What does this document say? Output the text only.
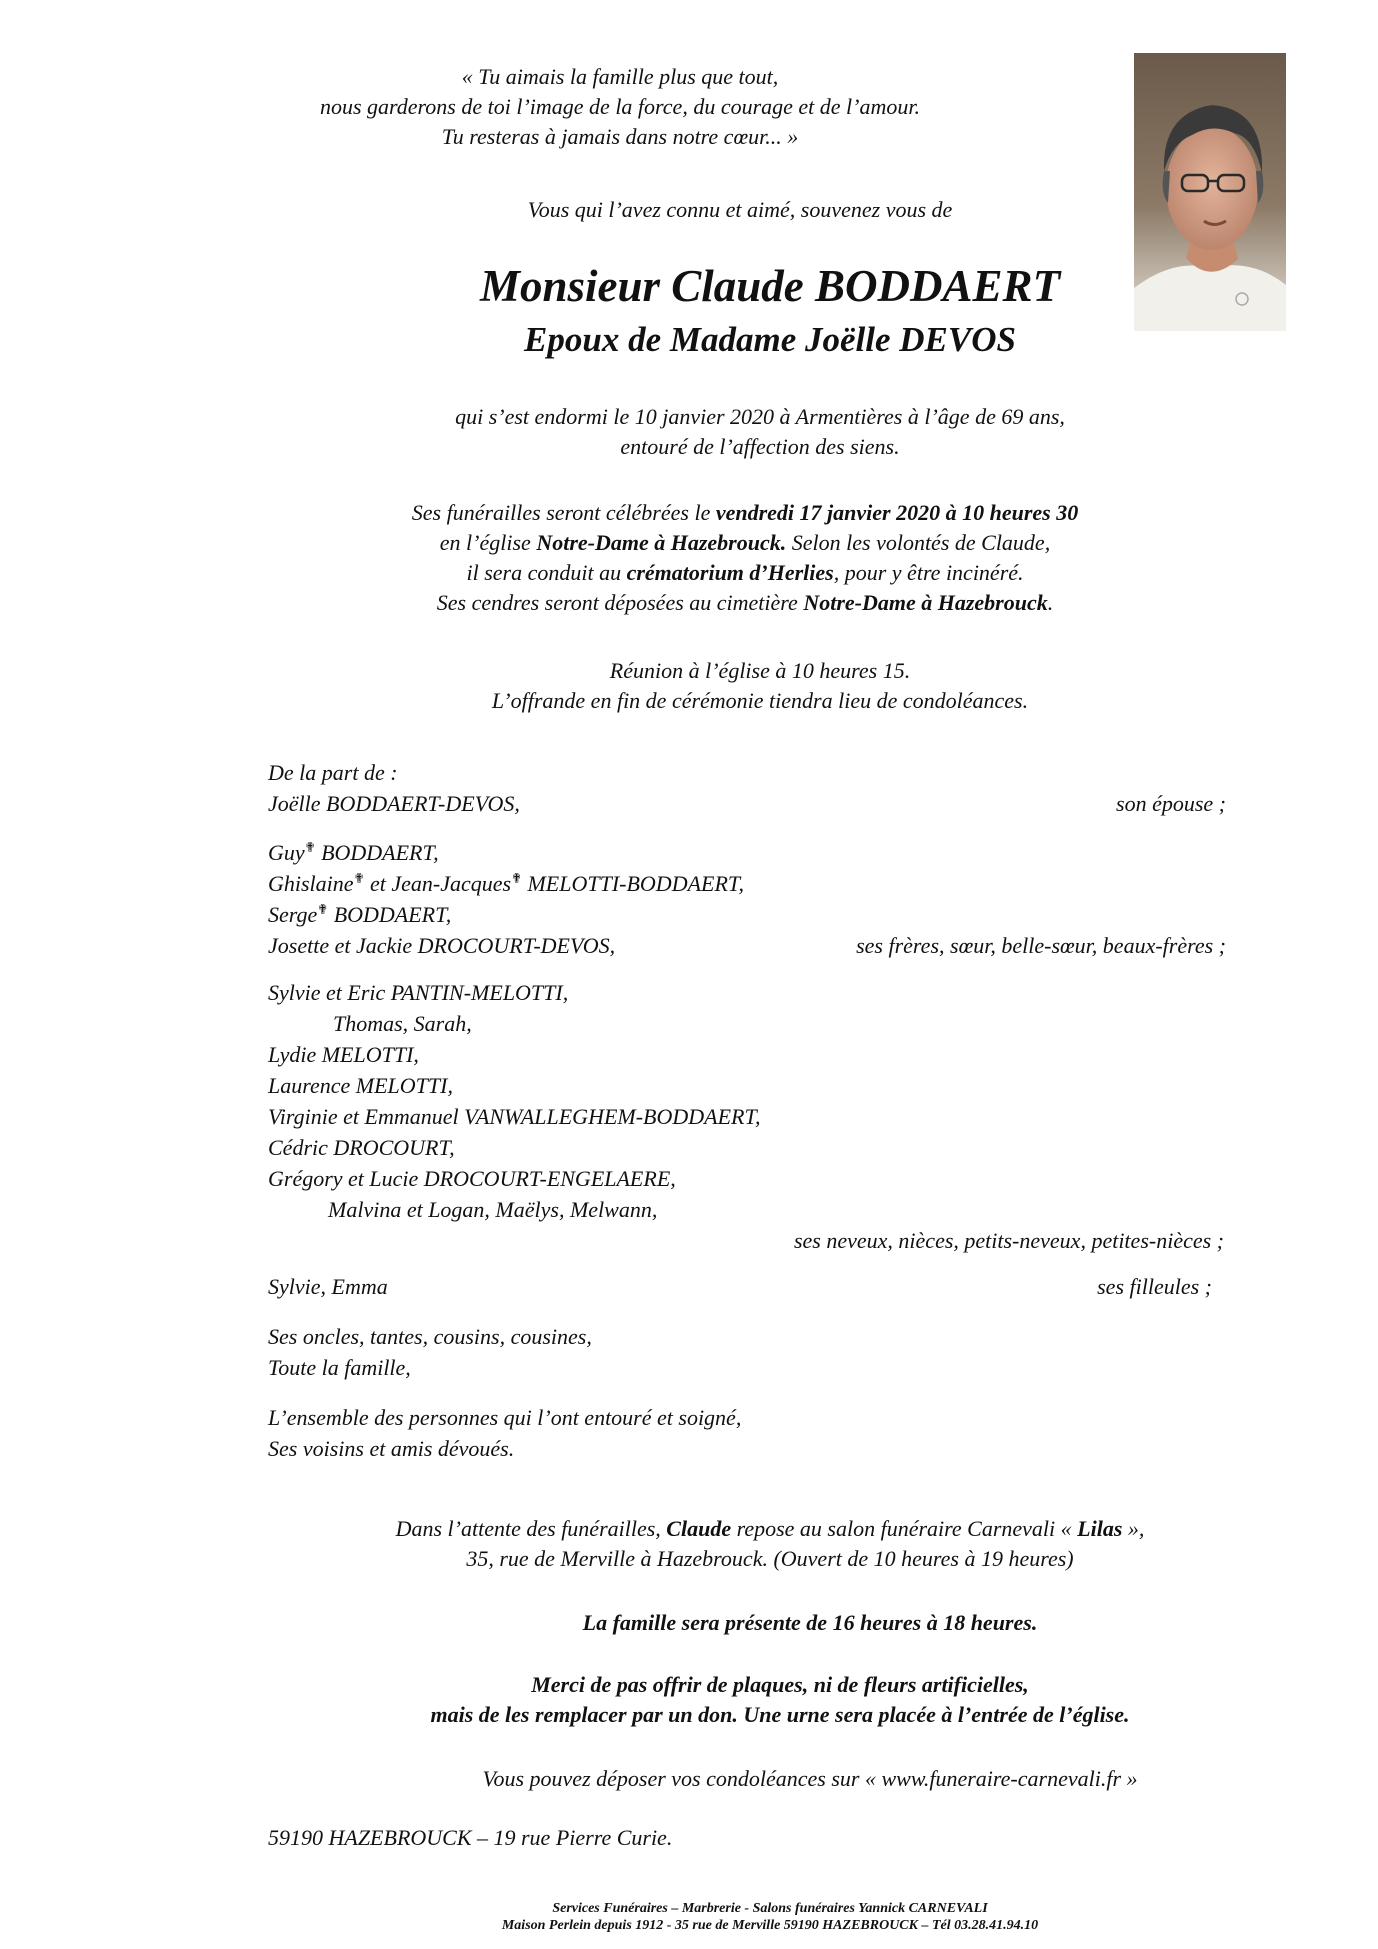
« Tu aimais la famille plus que tout,
nous garderons de toi l’image de la force, du courage et de l’amour.
Tu resteras à jamais dans notre cœur... »
Vous qui l’avez connu et aimé, souvenez vous de
Monsieur Claude BODDAERT
Epoux de Madame Joëlle DEVOS
qui s’est endormi le 10 janvier 2020 à Armentières à l’âge de 69 ans,
entouré de l’affection des siens.
Ses funérailles seront célébrées le vendredi 17 janvier 2020 à 10 heures 30
en l’église Notre-Dame à Hazebrouck. Selon les volontés de Claude,
il sera conduit au crématorium d’Herlies, pour y être incinéré.
Ses cendres seront déposées au cimetière Notre-Dame à Hazebrouck.
Réunion à l’église à 10 heures 15.
L’offrande en fin de cérémonie tiendra lieu de condoléances.
De la part de :
Joëlle BODDAERT-DEVOS,	son épouse ;
Guy✟ BODDAERT,
Ghislaine✟ et Jean-Jacques✟ MELOTTI-BODDAERT,
Serge✟ BODDAERT,
Josette et Jackie DROCOURT-DEVOS,	ses frères, sœur, belle-sœur, beaux-frères ;
Sylvie et Eric PANTIN-MELOTTI,
Thomas, Sarah,
Lydie MELOTTI,
Laurence MELOTTI,
Virginie et Emmanuel VANWALLEGHEM-BODDAERT,
Cédric DROCOURT,
Grégory et Lucie DROCOURT-ENGELAERE,
Malvina et Logan, Maëlys, Melwann,
ses neveux, nièces, petits-neveux, petites-nièces ;
Sylvie, Emma	ses filleules ;
Ses oncles, tantes, cousins, cousines,
Toute la famille,
L’ensemble des personnes qui l’ont entouré et soigné,
Ses voisins et amis dévoués.
Dans l’attente des funérailles, Claude repose au salon funéraire Carnevali « Lilas »,
35, rue de Merville à Hazebrouck. (Ouvert de 10 heures à 19 heures)
La famille sera présente de 16 heures à 18 heures.
Merci de pas offrir de plaques, ni de fleurs artificielles,
mais de les remplacer par un don. Une urne sera placée à l’entrée de l’église.
Vous pouvez déposer vos condoléances sur « www.funeraire-carnevali.fr »
59190 HAZEBROUCK – 19 rue Pierre Curie.
Services Funéraires – Marbrerie - Salons funéraires Yannick CARNEVALI
Maison Perlein depuis 1912 - 35 rue de Merville 59190 HAZEBROUCK – Tél 03.28.41.94.10
